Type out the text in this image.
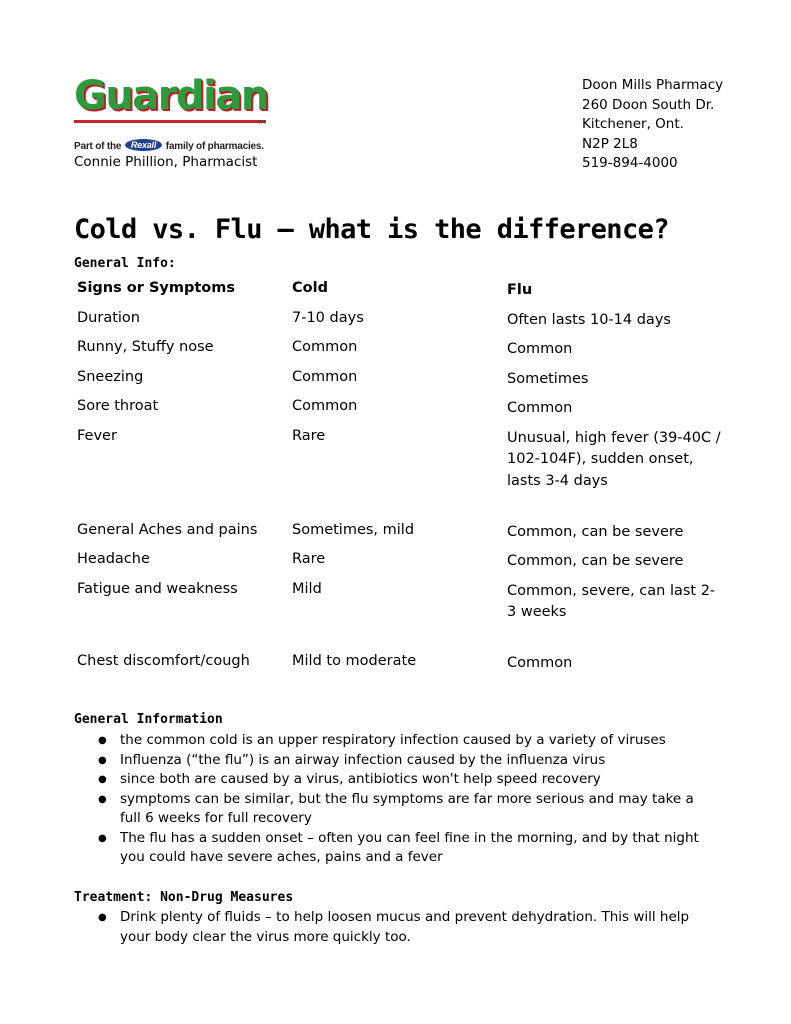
Guardian
TM
Part of the Rexall family of pharmacies.
Connie Phillion, Pharmacist
Doon Mills Pharmacy
260 Doon South Dr.
Kitchener, Ont.
N2P 2L8
519-894-4000
Cold vs. Flu – what is the difference?
General Info:
Signs or Symptoms	Cold	Flu
Duration	7-10 days	Often lasts 10-14 days
Runny, Stuffy nose	Common	Common
Sneezing	Common	Sometimes
Sore throat	Common	Common
Fever	Rare	Unusual, high fever (39-40C / 102-104F), sudden onset, lasts 3-4 days
General Aches and pains	Sometimes, mild	Common, can be severe
Headache	Rare	Common, can be severe
Fatigue and weakness	Mild	Common, severe, can last 2-3 weeks
Chest discomfort/cough	Mild to moderate	Common
General Information
● the common cold is an upper respiratory infection caused by a variety of viruses
● Influenza (“the flu”) is an airway infection caused by the influenza virus
● since both are caused by a virus, antibiotics won't help speed recovery
● symptoms can be similar, but the flu symptoms are far more serious and may take a full 6 weeks for full recovery
● The flu has a sudden onset – often you can feel fine in the morning, and by that night you could have severe aches, pains and a fever
Treatment: Non-Drug Measures
● Drink plenty of fluids – to help loosen mucus and prevent dehydration. This will help your body clear the virus more quickly too.
